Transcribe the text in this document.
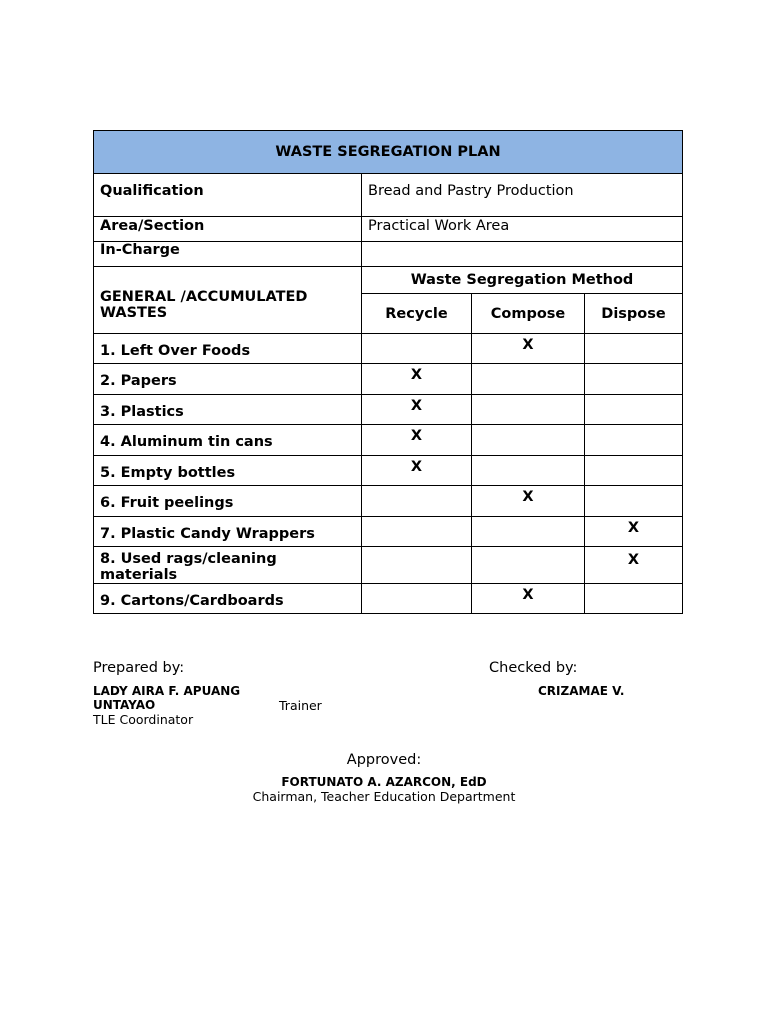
WASTE SEGREGATION PLAN			
Qualification	Bread and Pastry Production		
Area/Section	Practical Work Area		
In-Charge			
GENERAL /ACCUMULATED WASTES	Waste Segregation Method		
	Recycle	Compose	Dispose
1. Left Over Foods		X	
2. Papers	X		
3. Plastics	X		
4. Aluminum tin cans	X		
5. Empty bottles	X		
6. Fruit peelings		X	
7. Plastic Candy Wrappers			X
8. Used rags/cleaning materials			X
9. Cartons/Cardboards		X	
Prepared by:
LADY AIRA F. APUANG
UNTAYAO	Trainer
TLE Coordinator
Checked by:
CRIZAMAE V.
Approved:
FORTUNATO A. AZARCON, EdD
Chairman, Teacher Education Department
